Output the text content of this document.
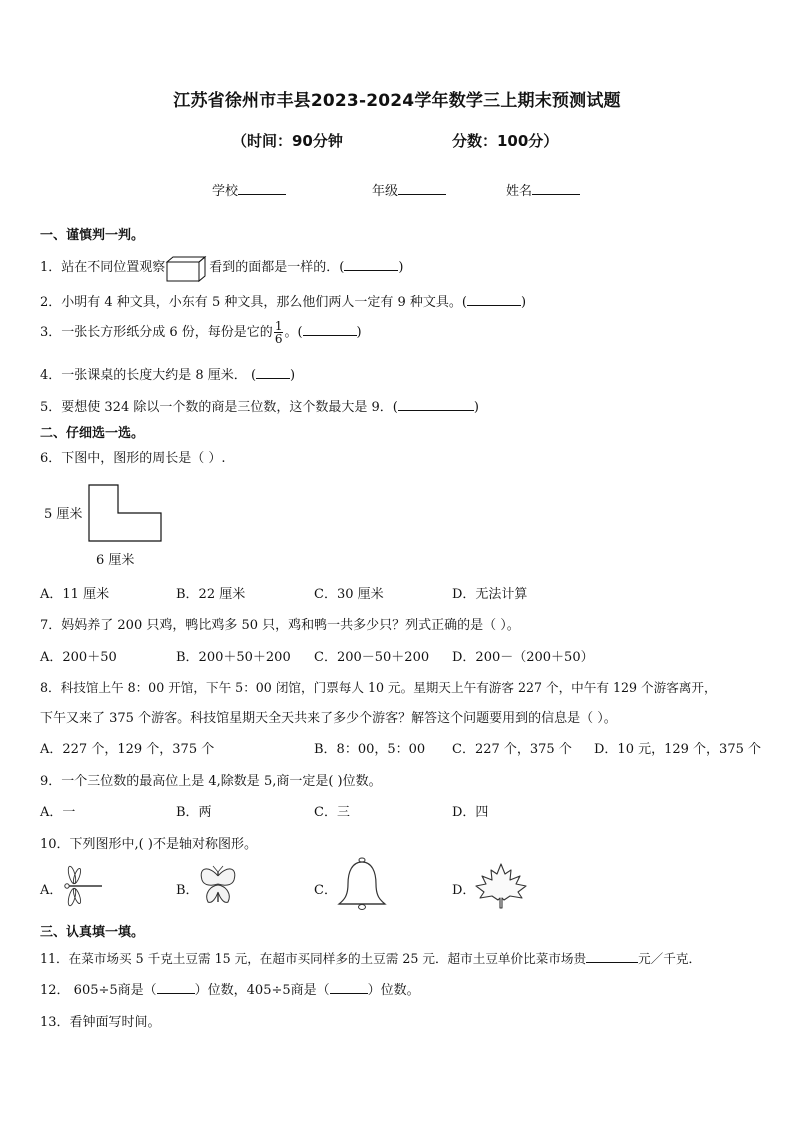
江苏省徐州市丰县2023-2024学年数学三上期末预测试题
（时间：90分钟	分数：100分）
学校	年级	姓名
一、谨慎判一判。
1．站在不同位置观察	看到的面都是一样的．(	)
2．小明有 4 种文具，小东有 5 种文具，那么他们两人一定有 9 种文具。(	)
3．一张长方形纸分成 6 份，每份是它的 $\frac{1}{6}$ 。(	)
4．一张课桌的长度大约是 8 厘米． (	)
5．要想使 324 除以一个数的商是三位数，这个数最大是 9．(	)
二、仔细选一选。
6．下图中，图形的周长是（ ）.
5 厘米
6 厘米
A．11 厘米	B．22 厘米	C．30 厘米	D．无法计算
7．妈妈养了 200 只鸡，鸭比鸡多 50 只，鸡和鸭一共多少只？列式正确的是（ ）。
A．200＋50	B．200＋50＋200 C．200－50＋200 D．200－（200＋50）
8．科技馆上午 8：00 开馆，下午 5：00 闭馆，门票每人 10 元。星期天上午有游客 227 个，中午有 129 个游客离开，
下午又来了 375 个游客。科技馆星期天全天共来了多少个游客？解答这个问题要用到的信息是（ ）。
A．227 个，129 个，375 个	B．8：00，5：00 C．227 个，375 个 D．10 元，129 个，375 个
9．一个三位数的最高位上是 4,除数是 5,商一定是( )位数。
A．一	B．两	C．三	D．四
10．下列图形中,( )不是轴对称图形。
A．	B．	C．	D．
三、认真填一填。
11．在菜市场买 5 千克土豆需 15 元，在超市买同样多的土豆需 25 元．超市土豆单价比菜市场贵	元／千克．
12． 605÷5商是（	）位数，405÷5商是（	）位数。
13．看钟面写时间。
